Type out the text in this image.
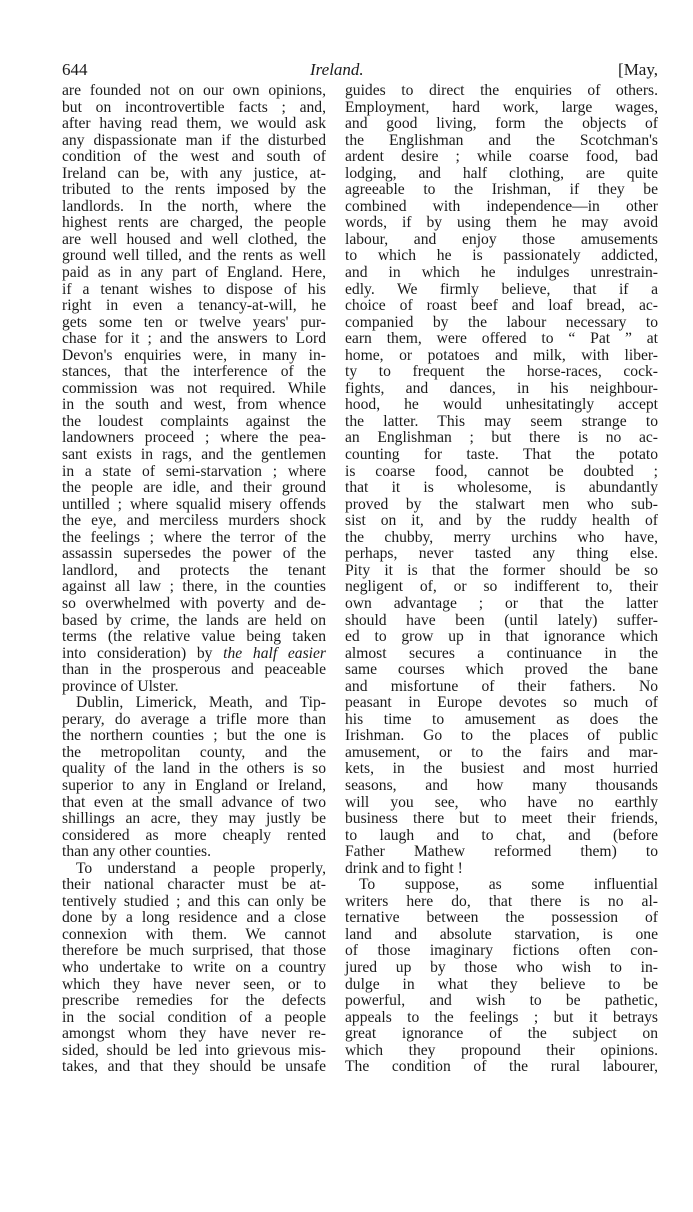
644	Ireland.	[May,
are founded not on our own opinions,
but on incontrovertible facts ; and,
after having read them, we would ask
any dispassionate man if the disturbed
condition of the west and south of
Ireland can be, with any justice, at-
tributed to the rents imposed by the
landlords. In the north, where the
highest rents are charged, the people
are well housed and well clothed, the
ground well tilled, and the rents as well
paid as in any part of England. Here,
if a tenant wishes to dispose of his
right in even a tenancy-at-will, he
gets some ten or twelve years' pur-
chase for it ; and the answers to Lord
Devon's enquiries were, in many in-
stances, that the interference of the
commission was not required. While
in the south and west, from whence
the loudest complaints against the
landowners proceed ; where the pea-
sant exists in rags, and the gentlemen
in a state of semi-starvation ; where
the people are idle, and their ground
untilled ; where squalid misery offends
the eye, and merciless murders shock
the feelings ; where the terror of the
assassin supersedes the power of the
landlord, and protects the tenant
against all law ; there, in the counties
so overwhelmed with poverty and de-
based by crime, the lands are held on
terms (the relative value being taken
into consideration) by the half easier
than in the prosperous and peaceable
province of Ulster.
Dublin, Limerick, Meath, and Tip-
perary, do average a trifle more than
the northern counties ; but the one is
the metropolitan county, and the
quality of the land in the others is so
superior to any in England or Ireland,
that even at the small advance of two
shillings an acre, they may justly be
considered as more cheaply rented
than any other counties.
To understand a people properly,
their national character must be at-
tentively studied ; and this can only be
done by a long residence and a close
connexion with them. We cannot
therefore be much surprised, that those
who undertake to write on a country
which they have never seen, or to
prescribe remedies for the defects
in the social condition of a people
amongst whom they have never re-
sided, should be led into grievous mis-
takes, and that they should be unsafe
guides to direct the enquiries of others.
Employment, hard work, large wages,
and good living, form the objects of
the Englishman and the Scotchman's
ardent desire ; while coarse food, bad
lodging, and half clothing, are quite
agreeable to the Irishman, if they be
combined with independence—in other
words, if by using them he may avoid
labour, and enjoy those amusements
to which he is passionately addicted,
and in which he indulges unrestrain-
edly. We firmly believe, that if a
choice of roast beef and loaf bread, ac-
companied by the labour necessary to
earn them, were offered to “ Pat ” at
home, or potatoes and milk, with liber-
ty to frequent the horse-races, cock-
fights, and dances, in his neighbour-
hood, he would unhesitatingly accept
the latter. This may seem strange to
an Englishman ; but there is no ac-
counting for taste. That the potato
is coarse food, cannot be doubted ;
that it is wholesome, is abundantly
proved by the stalwart men who sub-
sist on it, and by the ruddy health of
the chubby, merry urchins who have,
perhaps, never tasted any thing else.
Pity it is that the former should be so
negligent of, or so indifferent to, their
own advantage ; or that the latter
should have been (until lately) suffer-
ed to grow up in that ignorance which
almost secures a continuance in the
same courses which proved the bane
and misfortune of their fathers. No
peasant in Europe devotes so much of
his time to amusement as does the
Irishman. Go to the places of public
amusement, or to the fairs and mar-
kets, in the busiest and most hurried
seasons, and how many thousands
will you see, who have no earthly
business there but to meet their friends,
to laugh and to chat, and (before
Father Mathew reformed them) to
drink and to fight !
To suppose, as some influential
writers here do, that there is no al-
ternative between the possession of
land and absolute starvation, is one
of those imaginary fictions often con-
jured up by those who wish to in-
dulge in what they believe to be
powerful, and wish to be pathetic,
appeals to the feelings ; but it betrays
great ignorance of the subject on
which they propound their opinions.
The condition of the rural labourer,
